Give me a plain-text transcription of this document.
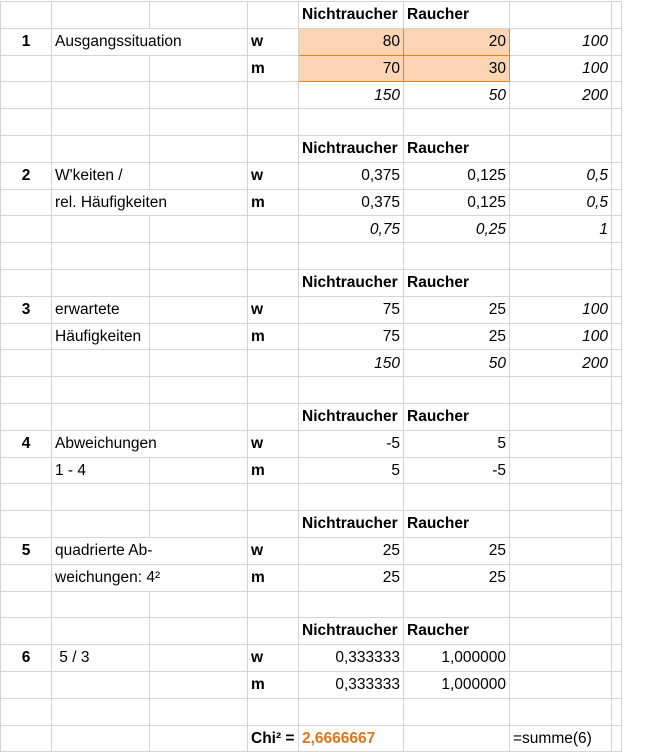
				Nichtraucher	Raucher		
1	Ausgangssituation		w	80	20	100	
			m	70	30	100	
				150	50	200	

				Nichtraucher	Raucher		
2	W'keiten /		w	0,375	0,125	0,5	
	rel. Häufigkeiten		m	0,375	0,125	0,5	
				0,75	0,25	1	

				Nichtraucher	Raucher		
3	erwartete		w	75	25	100	
	Häufigkeiten		m	75	25	100	
				150	50	200	

				Nichtraucher	Raucher		
4	Abweichungen		w	-5	5		
	1 - 4		m	5	-5		

				Nichtraucher	Raucher		
5	quadrierte Ab-		w	25	25		
	weichungen: 4²		m	25	25		

				Nichtraucher	Raucher		
6	5 / 3		w	0,333333	1,000000		
			m	0,333333	1,000000		

			Chi² =	2,6666667		=summe(6)	
